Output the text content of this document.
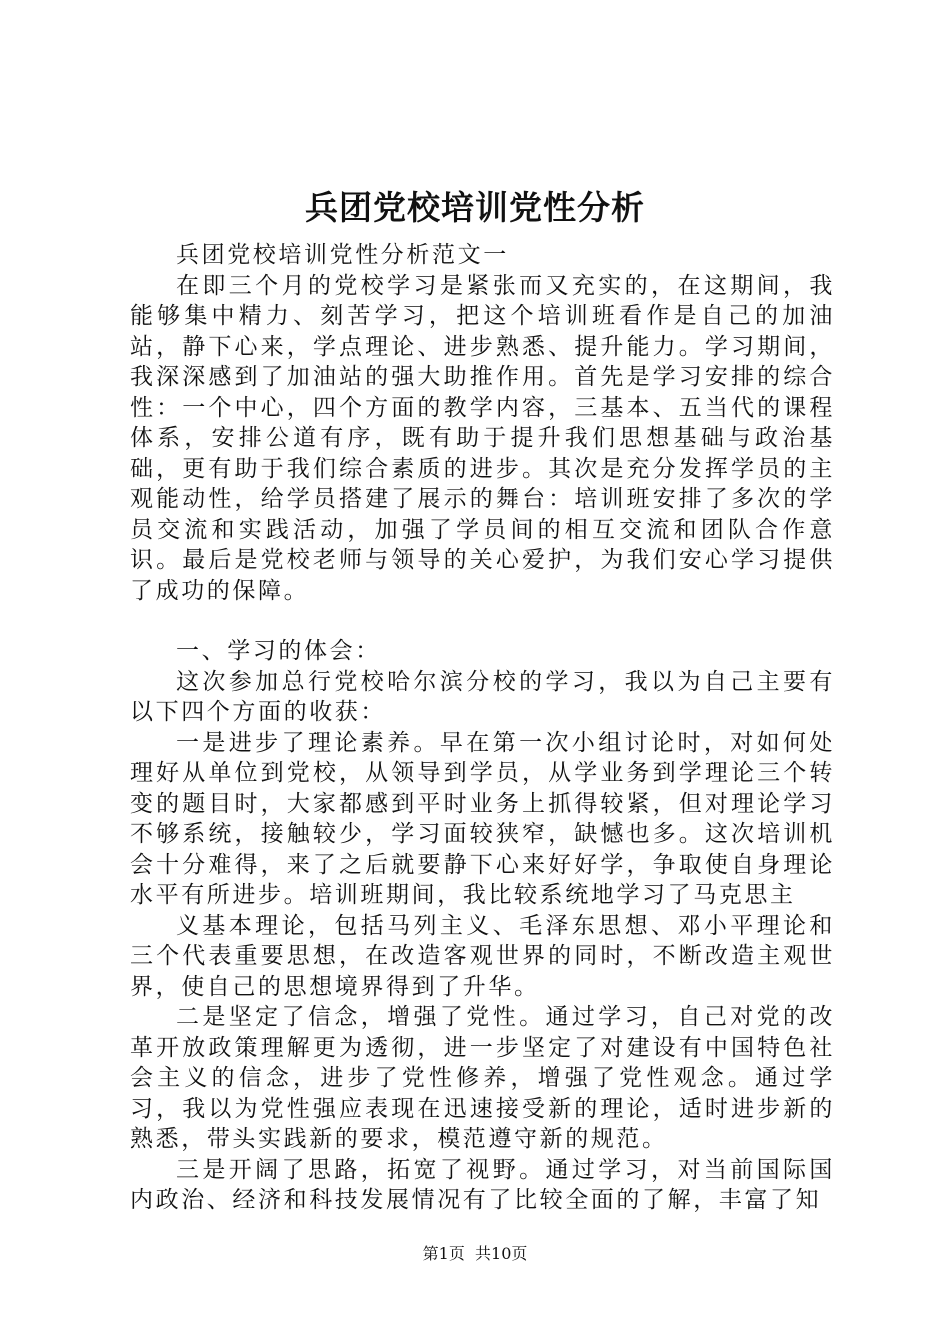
兵团党校培训党性分析

兵团党校培训党性分析范文一

在即三个月的党校学习是紧张而又充实的，在这期间，我能够集中精力、刻苦学习，把这个培训班看作是自己的加油站，静下心来，学点理论、进步熟悉、提升能力。学习期间，我深深感到了加油站的强大助推作用。首先是学习安排的综合性：一个中心，四个方面的教学内容，三基本、五当代的课程体系，安排公道有序，既有助于提升我们思想基础与政治基础，更有助于我们综合素质的进步。其次是充分发挥学员的主观能动性，给学员搭建了展示的舞台：培训班安排了多次的学员交流和实践活动，加强了学员间的相互交流和团队合作意识。最后是党校老师与领导的关心爱护，为我们安心学习提供了成功的保障。

一、学习的体会：

这次参加总行党校哈尔滨分校的学习，我以为自己主要有以下四个方面的收获：

一是进步了理论素养。早在第一次小组讨论时，对如何处理好从单位到党校，从领导到学员，从学业务到学理论三个转变的题目时，大家都感到平时业务上抓得较紧，但对理论学习不够系统，接触较少，学习面较狭窄，缺憾也多。这次培训机会十分难得，来了之后就要静下心来好好学，争取使自身理论水平有所进步。培训班期间，我比较系统地学习了马克思主

义基本理论，包括马列主义、毛泽东思想、邓小平理论和三个代表重要思想，在改造客观世界的同时，不断改造主观世界，使自己的思想境界得到了升华。

二是坚定了信念，增强了党性。通过学习，自己对党的改革开放政策理解更为透彻，进一步坚定了对建设有中国特色社会主义的信念，进步了党性修养，增强了党性观念。通过学习，我以为党性强应表现在迅速接受新的理论，适时进步新的熟悉，带头实践新的要求，模范遵守新的规范。

三是开阔了思路，拓宽了视野。通过学习，对当前国际国内政治、经济和科技发展情况有了比较全面的了解，丰富了知

第1页 共10页
